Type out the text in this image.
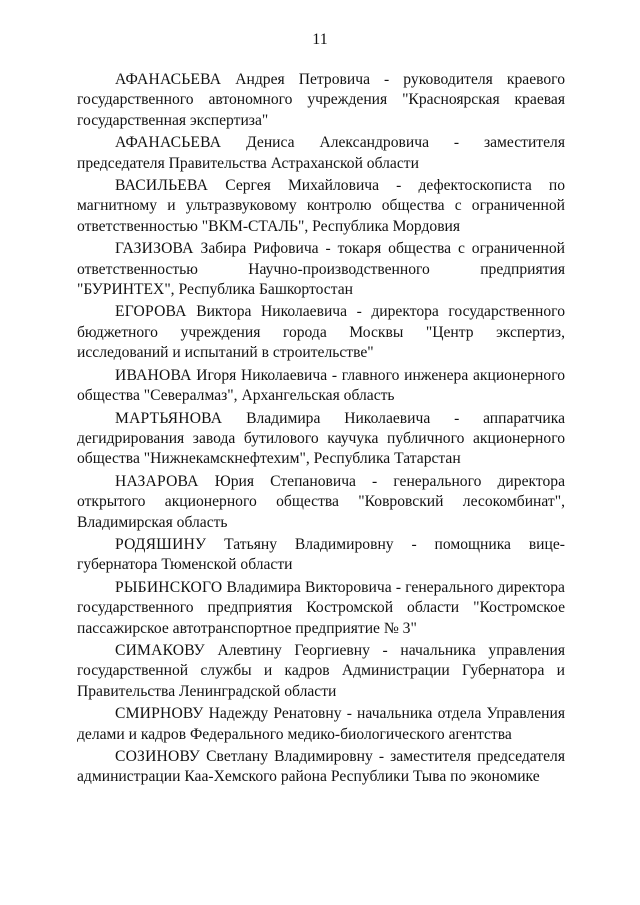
11

АФАНАСЬЕВА Андрея Петровича - руководителя краевого государственного автономного учреждения "Красноярская краевая государственная экспертиза"

АФАНАСЬЕВА Дениса Александровича - заместителя председателя Правительства Астраханской области

ВАСИЛЬЕВА Сергея Михайловича - дефектоскописта по магнитному и ультразвуковому контролю общества с ограниченной ответственностью "ВКМ-СТАЛЬ", Республика Мордовия

ГАЗИЗОВА Забира Рифовича - токаря общества с ограниченной ответственностью Научно-производственного предприятия "БУРИНТЕХ", Республика Башкортостан

ЕГОРОВА Виктора Николаевича - директора государственного бюджетного учреждения города Москвы "Центр экспертиз, исследований и испытаний в строительстве"

ИВАНОВА Игоря Николаевича - главного инженера акционерного общества "Севералмаз", Архангельская область

МАРТЬЯНОВА Владимира Николаевича - аппаратчика дегидрирования завода бутилового каучука публичного акционерного общества "Нижнекамскнефтехим", Республика Татарстан

НАЗАРОВА Юрия Степановича - генерального директора открытого акционерного общества "Ковровский лесокомбинат", Владимирская область

РОДЯШИНУ Татьяну Владимировну - помощника вице-губернатора Тюменской области

РЫБИНСКОГО Владимира Викторовича - генерального директора государственного предприятия Костромской области "Костромское пассажирское автотранспортное предприятие № 3"

СИМАКОВУ Алевтину Георгиевну - начальника управления государственной службы и кадров Администрации Губернатора и Правительства Ленинградской области

СМИРНОВУ Надежду Ренатовну - начальника отдела Управления делами и кадров Федерального медико-биологического агентства

СОЗИНОВУ Светлану Владимировну - заместителя председателя администрации Каа-Хемского района Республики Тыва по экономике
